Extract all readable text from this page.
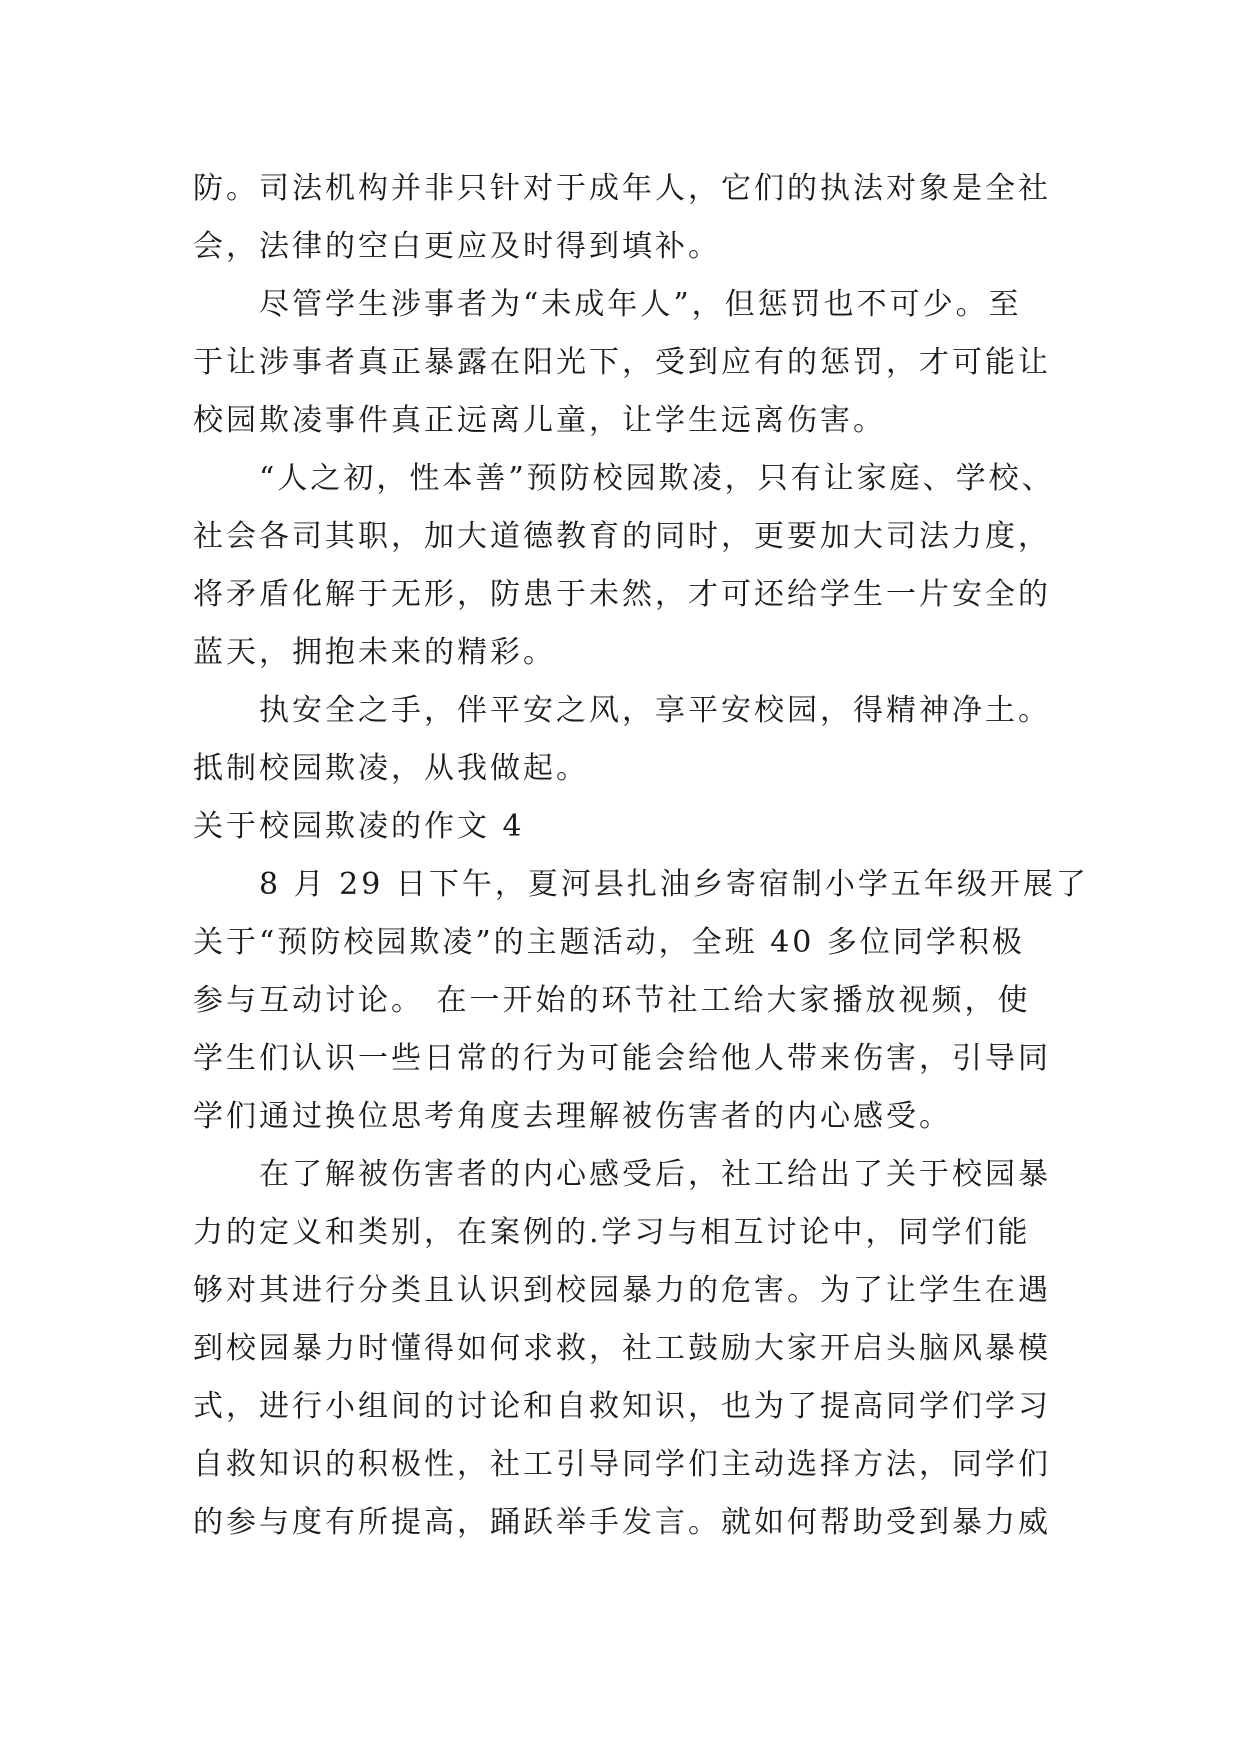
防。司法机构并非只针对于成年人，它们的执法对象是全社
会，法律的空白更应及时得到填补。
尽管学生涉事者为“未成年人”，但惩罚也不可少。至
于让涉事者真正暴露在阳光下，受到应有的惩罚，才可能让
校园欺凌事件真正远离儿童，让学生远离伤害。
“人之初，性本善”预防校园欺凌，只有让家庭、学校、
社会各司其职，加大道德教育的同时，更要加大司法力度，
将矛盾化解于无形，防患于未然，才可还给学生一片安全的
蓝天，拥抱未来的精彩。
执安全之手，伴平安之风，享平安校园，得精神净土。
抵制校园欺凌，从我做起。
关于校园欺凌的作文 4
8 月 29 日下午，夏河县扎油乡寄宿制小学五年级开展了
关于“预防校园欺凌”的主题活动，全班 40 多位同学积极
参与互动讨论。 在一开始的环节社工给大家播放视频，使
学生们认识一些日常的行为可能会给他人带来伤害，引导同
学们通过换位思考角度去理解被伤害者的内心感受。
在了解被伤害者的内心感受后，社工给出了关于校园暴
力的定义和类别，在案例的.学习与相互讨论中，同学们能
够对其进行分类且认识到校园暴力的危害。为了让学生在遇
到校园暴力时懂得如何求救，社工鼓励大家开启头脑风暴模
式，进行小组间的讨论和自救知识，也为了提高同学们学习
自救知识的积极性，社工引导同学们主动选择方法，同学们
的参与度有所提高，踊跃举手发言。就如何帮助受到暴力威
